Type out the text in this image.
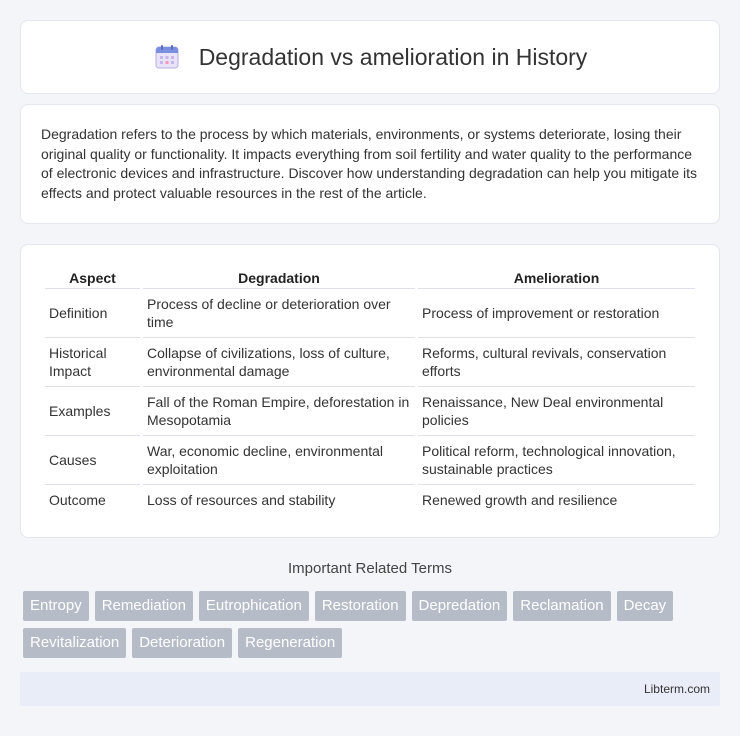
Degradation vs amelioration in History

Degradation refers to the process by which materials, environments, or systems deteriorate, losing their original quality or functionality. It impacts everything from soil fertility and water quality to the performance of electronic devices and infrastructure. Discover how understanding degradation can help you mitigate its effects and protect valuable resources in the rest of the article.

Aspect	Degradation	Amelioration
Definition	Process of decline or deterioration over time	Process of improvement or restoration
Historical Impact	Collapse of civilizations, loss of culture, environmental damage	Reforms, cultural revivals, conservation efforts
Examples	Fall of the Roman Empire, deforestation in Mesopotamia	Renaissance, New Deal environmental policies
Causes	War, economic decline, environmental exploitation	Political reform, technological innovation, sustainable practices
Outcome	Loss of resources and stability	Renewed growth and resilience
Important Related Terms
Entropy	Remediation	Eutrophication	Restoration	Depredation	Reclamation	Decay
Revitalization	Deterioration	Regeneration
Libterm.com
